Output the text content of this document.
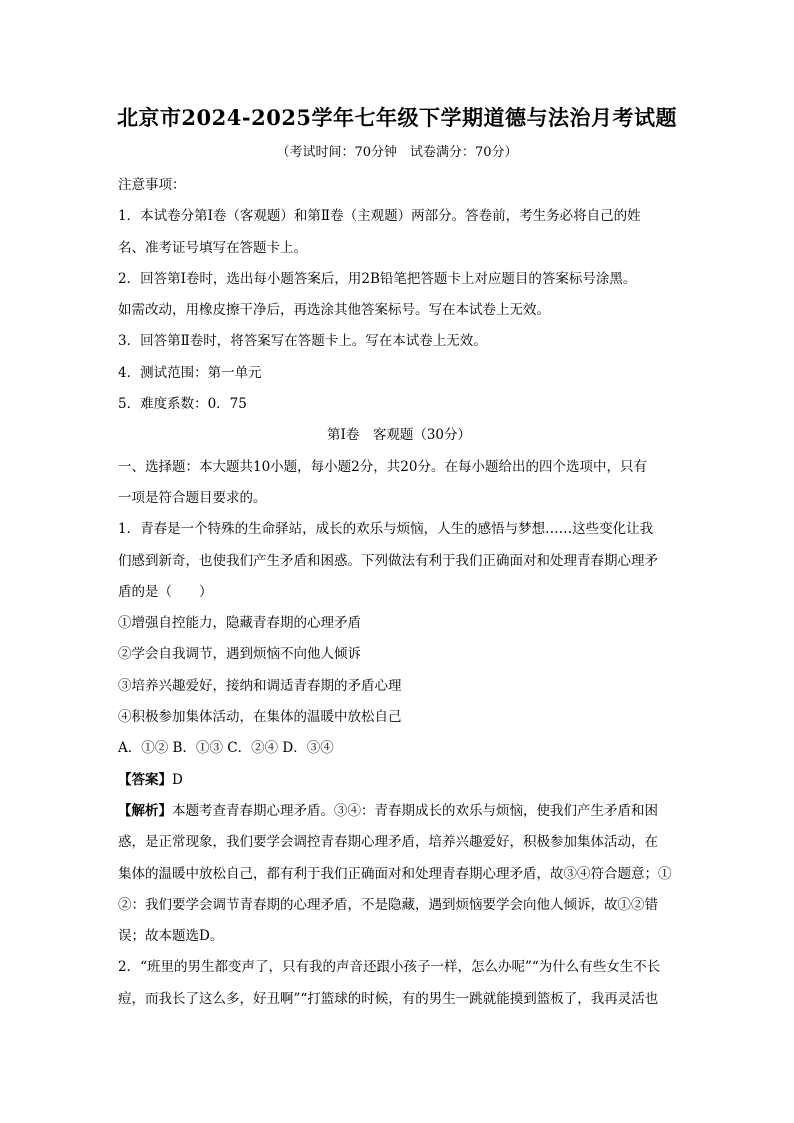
北京市2024-2025学年七年级下学期道德与法治月考试题
（考试时间：70分钟　试卷满分：70分）
注意事项：
1．本试卷分第Ⅰ卷（客观题）和第Ⅱ卷（主观题）两部分。答卷前，考生务必将自己的姓
名、准考证号填写在答题卡上。
2．回答第Ⅰ卷时，选出每小题答案后，用2B铅笔把答题卡上对应题目的答案标号涂黑。
如需改动，用橡皮擦干净后，再选涂其他答案标号。写在本试卷上无效。
3．回答第Ⅱ卷时，将答案写在答题卡上。写在本试卷上无效。
4．测试范围：第一单元
5．难度系数：0．75
第Ⅰ卷　客观题（30分）
一、选择题：本大题共10小题，每小题2分，共20分。在每小题给出的四个选项中，只有
一项是符合题目要求的。
1．青春是一个特殊的生命驿站，成长的欢乐与烦恼，人生的感悟与梦想……这些变化让我
们感到新奇，也使我们产生矛盾和困惑。下列做法有利于我们正确面对和处理青春期心理矛
盾的是（　　）
①增强自控能力，隐藏青春期的心理矛盾
②学会自我调节，遇到烦恼不向他人倾诉
③培养兴趣爱好，接纳和调适青春期的矛盾心理
④积极参加集体活动，在集体的温暖中放松自己
A．①② B．①③ C．②④ D．③④
【答案】D
【解析】本题考查青春期心理矛盾。③④：青春期成长的欢乐与烦恼，使我们产生矛盾和困
惑，是正常现象，我们要学会调控青春期心理矛盾，培养兴趣爱好，积极参加集体活动，在
集体的温暖中放松自己，都有利于我们正确面对和处理青春期心理矛盾，故③④符合题意；①
②：我们要学会调节青春期的心理矛盾，不是隐藏，遇到烦恼要学会向他人倾诉，故①②错
误；故本题选D。
2．“班里的男生都变声了，只有我的声音还跟小孩子一样，怎么办呢”“为什么有些女生不长
痘，而我长了这么多，好丑啊”“打篮球的时候，有的男生一跳就能摸到篮板了，我再灵活也
